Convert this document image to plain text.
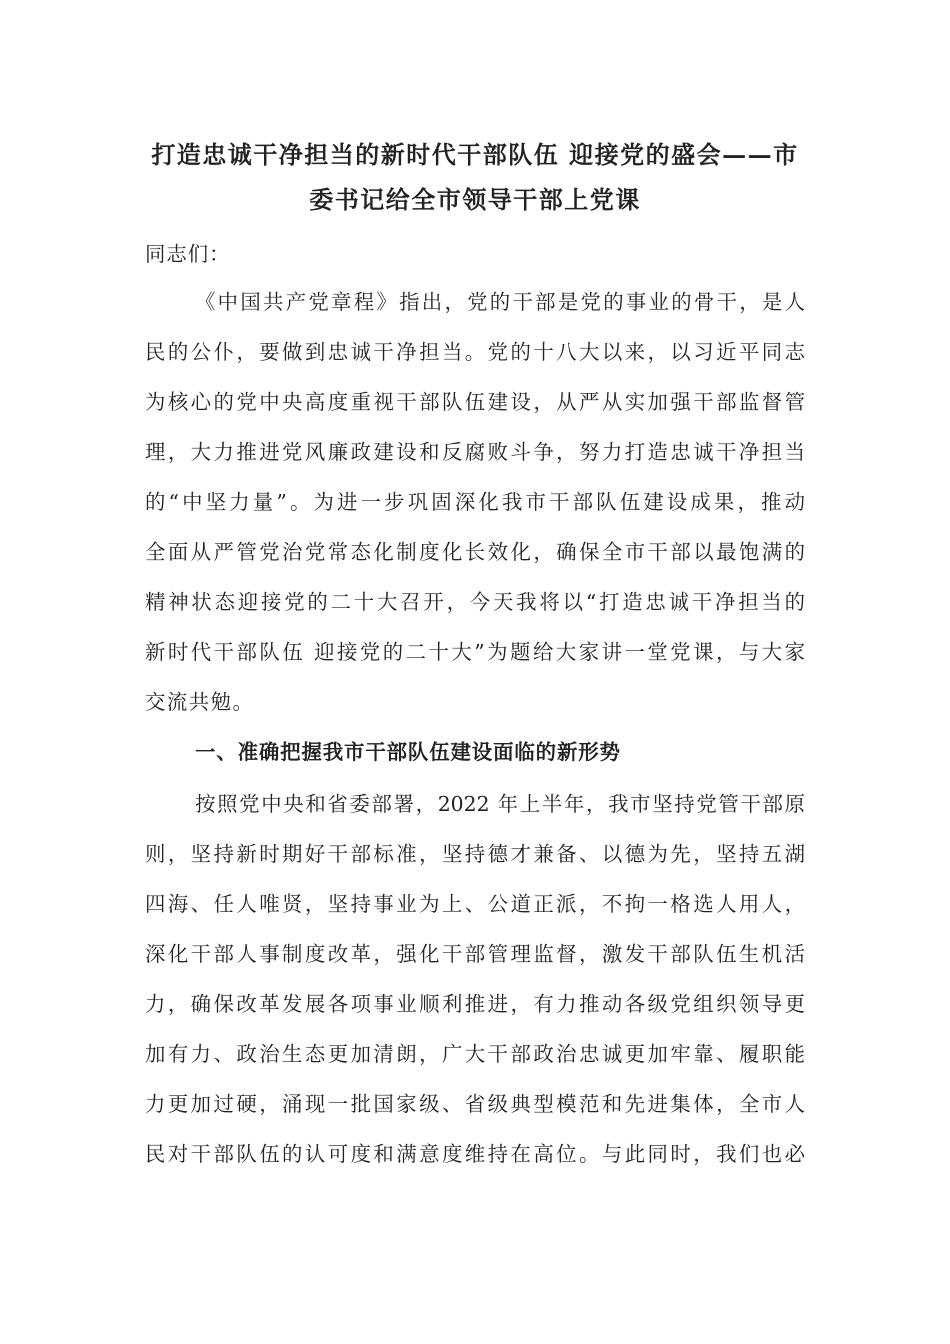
打造忠诚干净担当的新时代干部队伍 迎接党的盛会——市
委书记给全市领导干部上党课

同志们：

《中国共产党章程》指出，党的干部是党的事业的骨干，是人

民的公仆，要做到忠诚干净担当。党的十八大以来，以习近平同志

为核心的党中央高度重视干部队伍建设，从严从实加强干部监督管

理，大力推进党风廉政建设和反腐败斗争，努力打造忠诚干净担当

的“中坚力量”。为进一步巩固深化我市干部队伍建设成果，推动

全面从严管党治党常态化制度化长效化，确保全市干部以最饱满的

精神状态迎接党的二十大召开，今天我将以“打造忠诚干净担当的

新时代干部队伍 迎接党的二十大”为题给大家讲一堂党课，与大家

交流共勉。

一、准确把握我市干部队伍建设面临的新形势

按照党中央和省委部署，2022 年上半年，我市坚持党管干部原

则，坚持新时期好干部标准，坚持德才兼备、以德为先，坚持五湖

四海、任人唯贤，坚持事业为上、公道正派，不拘一格选人用人，

深化干部人事制度改革，强化干部管理监督，激发干部队伍生机活

力，确保改革发展各项事业顺利推进，有力推动各级党组织领导更

加有力、政治生态更加清朗，广大干部政治忠诚更加牢靠、履职能

力更加过硬，涌现一批国家级、省级典型模范和先进集体，全市人

民对干部队伍的认可度和满意度维持在高位。与此同时，我们也必
